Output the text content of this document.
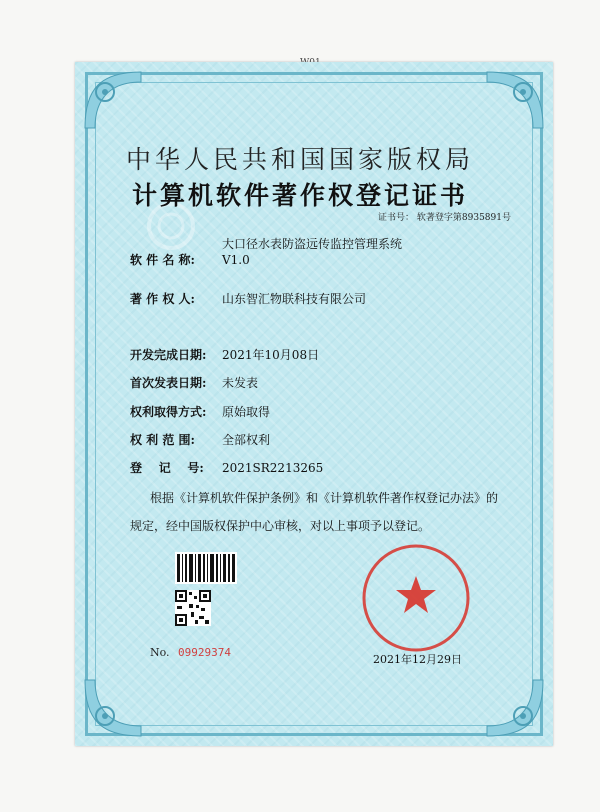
中华人民共和国国家版权局
计算机软件著作权登记证书
证书号： 软著登字第8935891号
软 件 名 称:大口径水表防盗远传监控管理系统
V1.0
著 作 权 人: 山东智汇物联科技有限公司
开发完成日期: 2021年10月08日
首次发表日期: 未发表
权利取得方式: 原始取得
权 利 范 围: 全部权利
登    记    号: 2021SR2213265
根据《计算机软件保护条例》和《计算机软件著作权登记办法》的
规定，经中国版权保护中心审核，对以上事项予以登记。
No. 09929374
2021年12月29日
